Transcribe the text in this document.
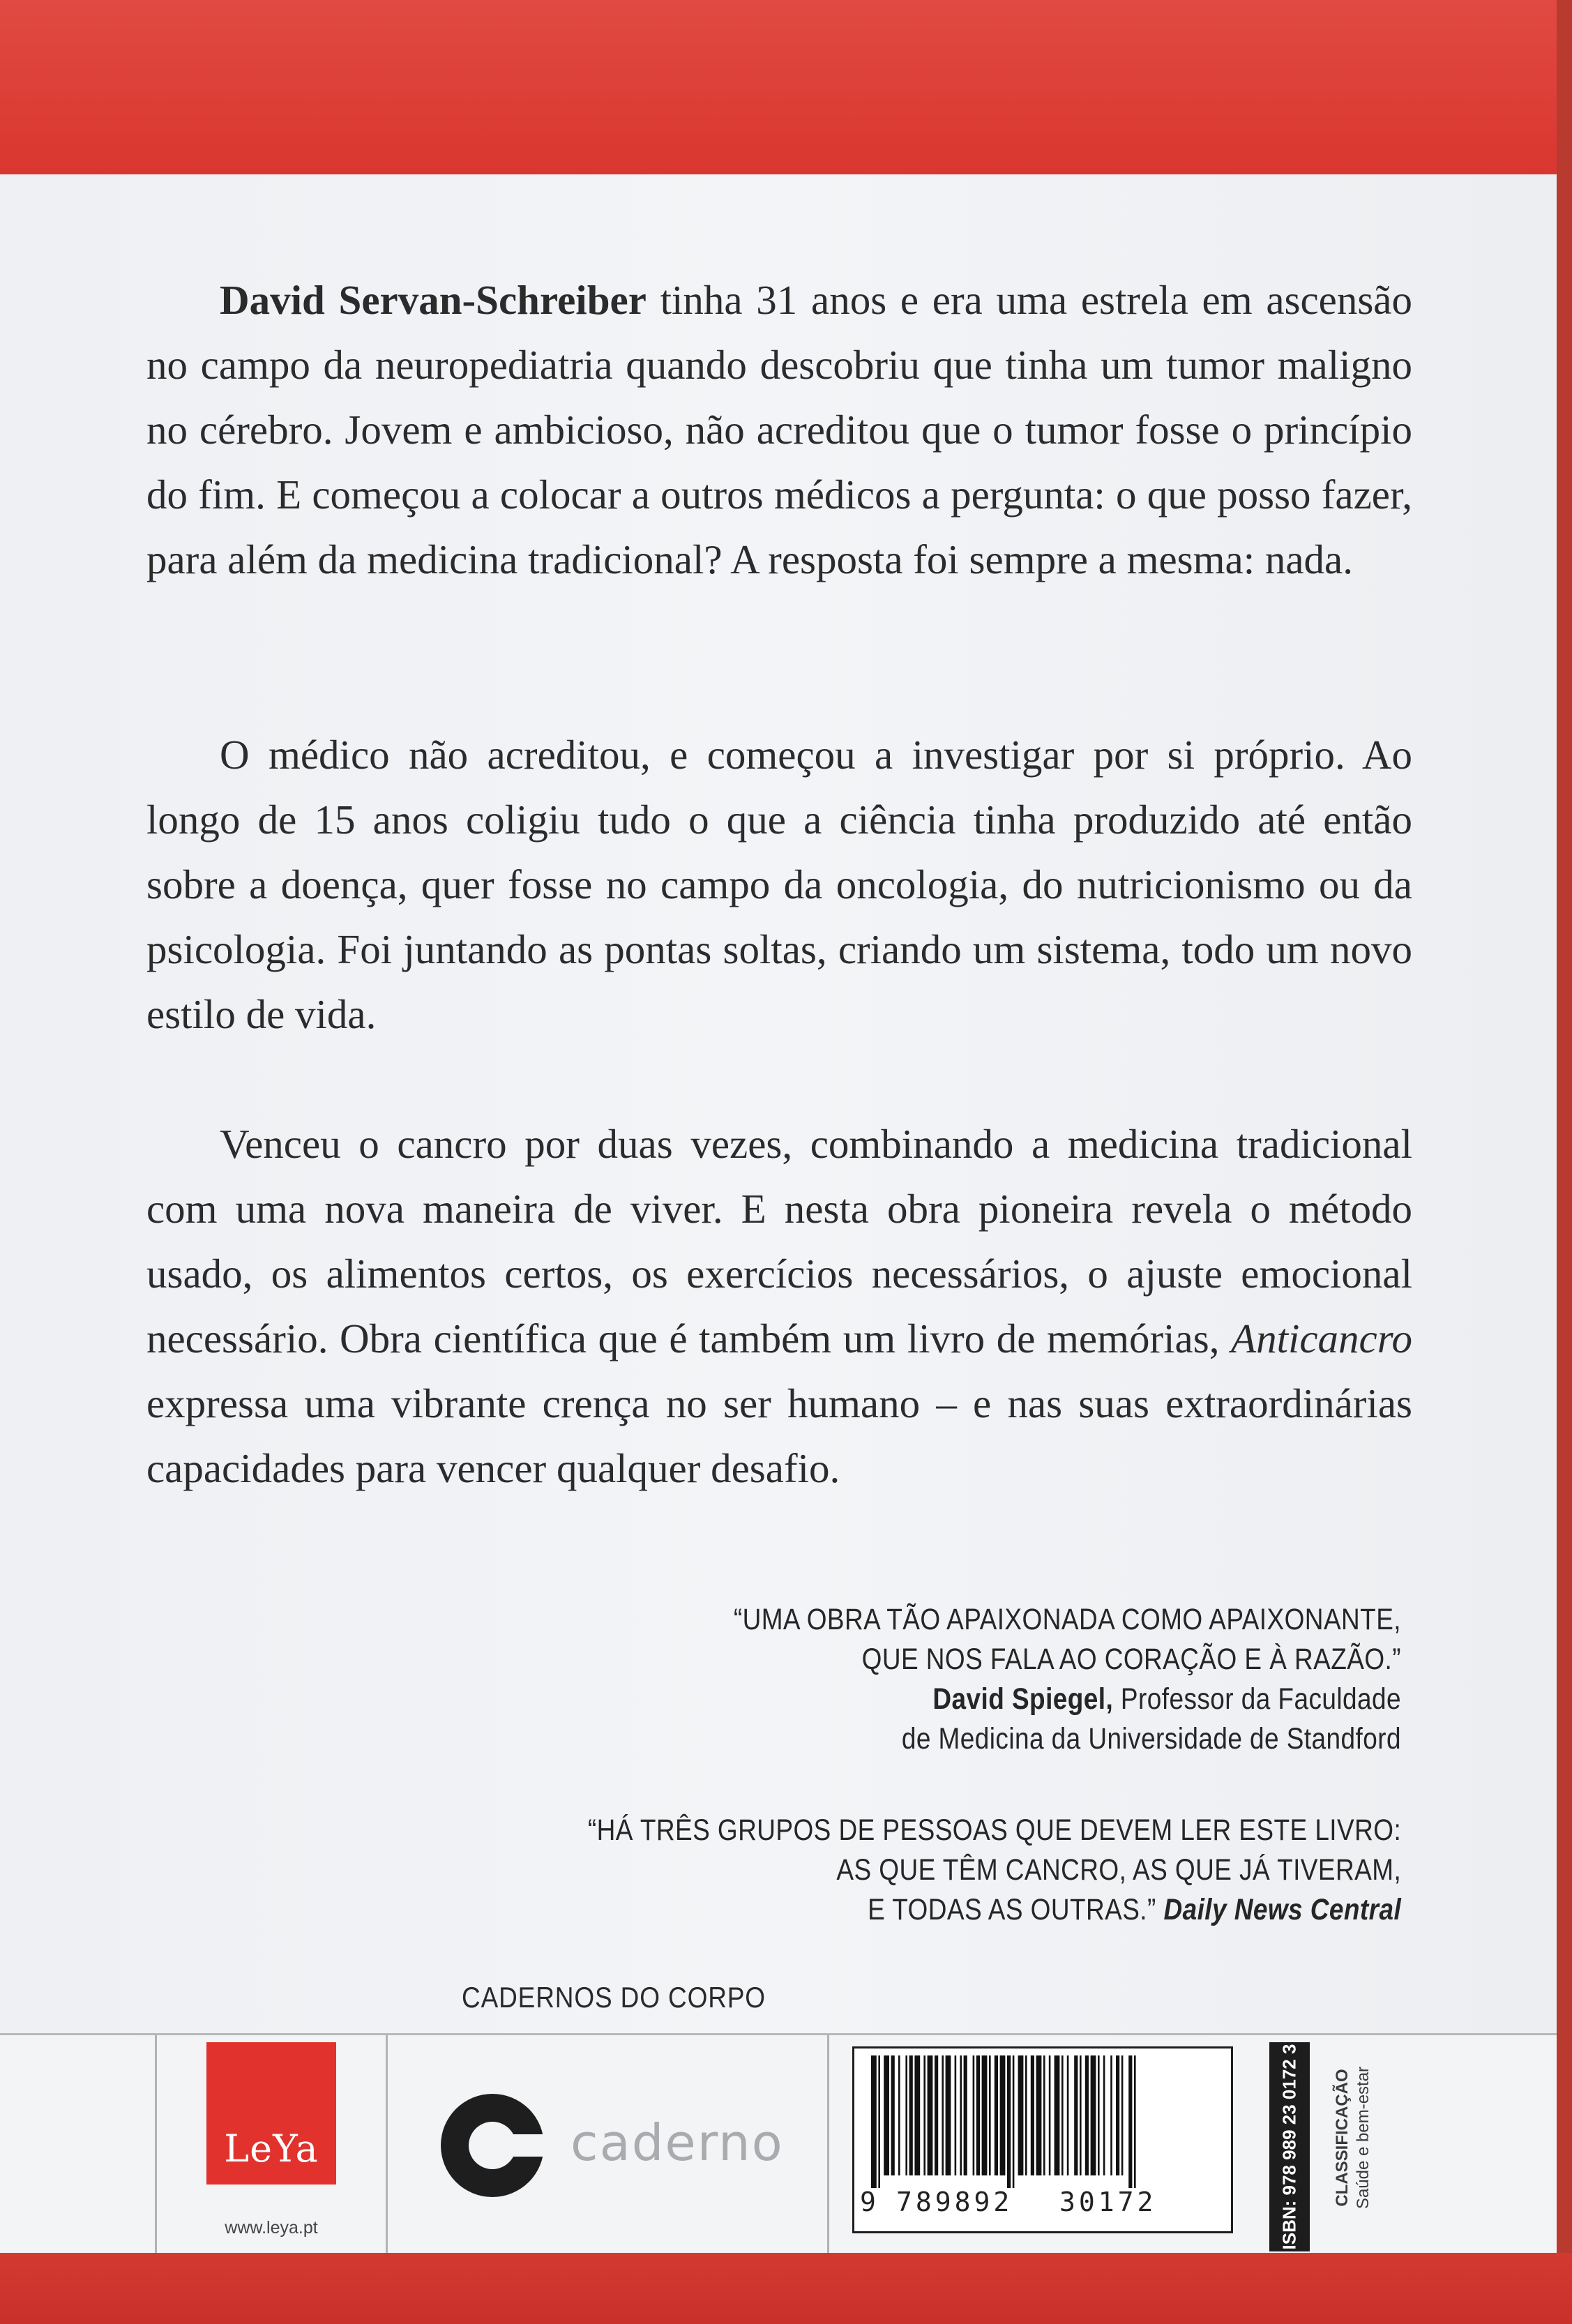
David Servan-Schreiber tinha 31 anos e era uma estrela em ascensão no campo da neuropediatria quando descobriu que tinha um tumor maligno no cérebro. Jovem e ambicioso, não acreditou que o tumor fosse o princípio do fim. E começou a colocar a outros médicos a pergunta: o que posso fazer, para além da medicina tradicional? A resposta foi sempre a mesma: nada.

O médico não acreditou, e começou a investigar por si próprio. Ao longo de 15 anos coligiu tudo o que a ciência tinha produzido até então sobre a doença, quer fosse no campo da oncologia, do nutricionismo ou da psicologia. Foi juntando as pontas soltas, criando um sistema, todo um novo estilo de vida.

Venceu o cancro por duas vezes, combinando a medicina tradicional com uma nova maneira de viver. E nesta obra pioneira revela o método usado, os alimentos certos, os exercícios necessários, o ajuste emocional necessário. Obra científica que é também um livro de memórias, Anticancro expressa uma vibrante crença no ser humano – e nas suas extraordinárias capacidades para vencer qualquer desafio.

“UMA OBRA TÃO APAIXONADA COMO APAIXONANTE,
QUE NOS FALA AO CORAÇÃO E À RAZÃO.”
David Spiegel, Professor da Faculdade
de Medicina da Universidade de Standford
“HÁ TRÊS GRUPOS DE PESSOAS QUE DEVEM LER ESTE LIVRO:
AS QUE TÊM CANCRO, AS QUE JÁ TIVERAM,
E TODAS AS OUTRAS.” Daily News Central
CADERNOS DO CORPO
LeYa
www.leya.pt
caderno
9 789892 30172	ISBN: 978 989 23 0172 3 CLASSIFICAÇÃO Saúde e bem-estar
